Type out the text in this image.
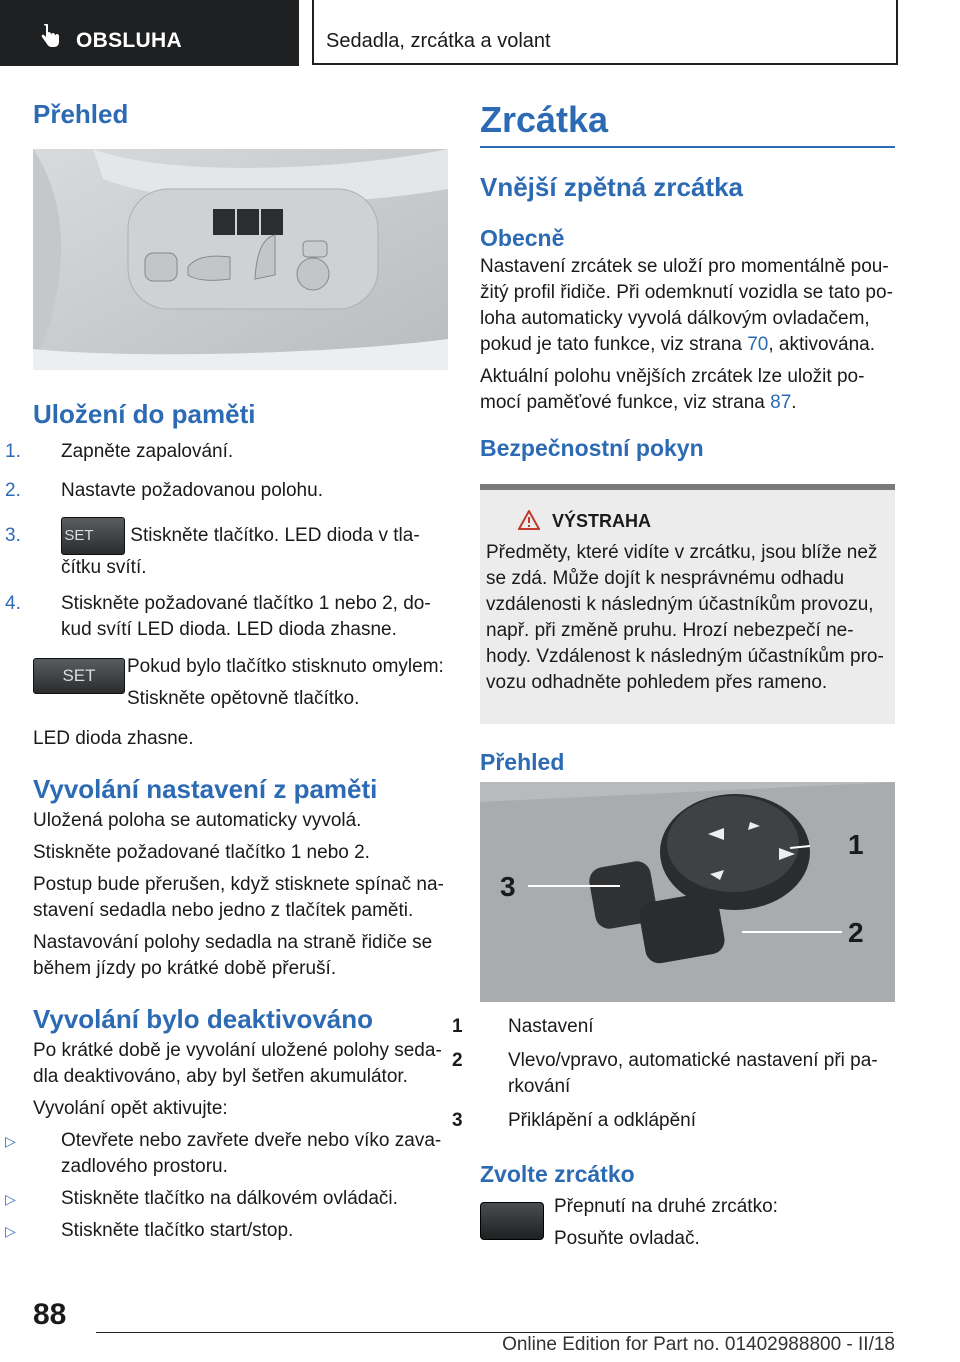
OBSLUHA	Sedadla, zrcátka a volant
Přehled
Uložení do paměti

1. Zapněte zapalování.

2. Nastavte požadovanou polohu.

3.	SET Stiskněte tlačítko. LED dioda v tlačítku svítí.

4. Stiskněte požadované tlačítko 1 nebo 2, dokud svítí LED dioda. LED dioda zhasne.

SET	Pokud bylo tlačítko stisknuto omylem:

Stiskněte opětovně tlačítko.

LED dioda zhasne.

Vyvolání nastavení z paměti

Uložená poloha se automaticky vyvolá.

Stiskněte požadované tlačítko 1 nebo 2.

Postup bude přerušen, když stisknete spínač nastavení sedadla nebo jedno z tlačítek paměti.

Nastavování polohy sedadla na straně řidiče se během jízdy po krátké době přeruší.

Vyvolání bylo deaktivováno

Po krátké době je vyvolání uložené polohy sedadla deaktivováno, aby byl šetřen akumulátor.

Vyvolání opět aktivujte:

▷ Otevřete nebo zavřete dveře nebo víko zavazadlového prostoru.

▷ Stiskněte tlačítko na dálkovém ovládači.

▷ Stiskněte tlačítko start/stop.

Zrcátka
Vnější zpětná zrcátka
Obecně

Nastavení zrcátek se uloží pro momentálně použitý profil řidiče. Při odemknutí vozidla se tato poloha automaticky vyvolá dálkovým ovladačem, pokud je tato funkce, viz strana 70, aktivována.

Aktuální polohu vnějších zrcátek lze uložit pomocí paměťové funkce, viz strana 87.

Bezpečnostní pokyn
VÝSTRAHA

Předměty, které vidíte v zrcátku, jsou blíže než se zdá. Může dojít k nesprávnému odhadu vzdálenosti k následným účastníkům provozu, např. při změně pruhu. Hrozí nebezpečí nehody. Vzdálenost k následným účastníkům provozu odhadněte pohledem přes rameno.

Přehled
1
2
3

1 Nastavení

2 Vlevo/vpravo, automatické nastavení při parkování

3 Přiklápění a odklápění

Zvolte zrcátko

Přepnutí na druhé zrcátko:

Posuňte ovladač.

88
Online Edition for Part no. 01402988800 - II/18
